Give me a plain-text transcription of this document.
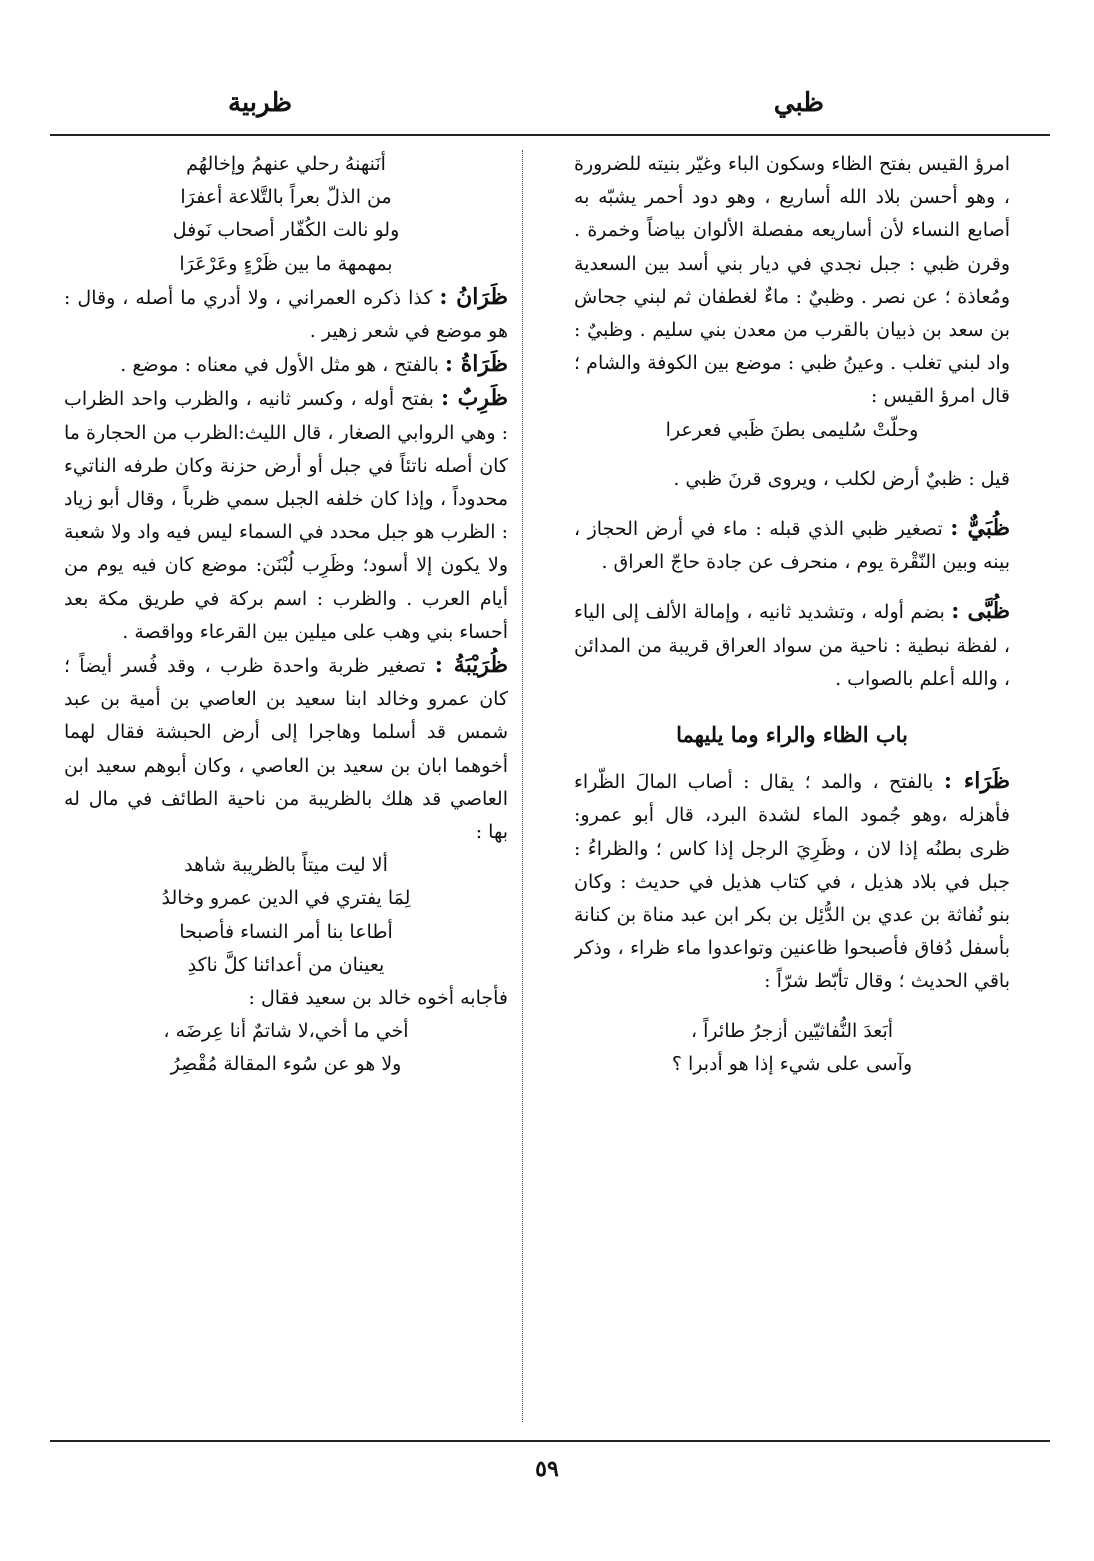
ظبي
ظربية

امرؤ القيس بفتح الظاء وسكون الباء وغيّر بنيته للضرورة ، وهو أحسن بلاد الله أساريع ، وهو دود أحمر يشبّه به أصابع النساء لأن أساريعه مفصلة الألوان بياضاً وخمرة . وقرن ظبي : جبل نجدي في ديار بني أسد بين السعدية ومُعاذة ؛ عن نصر . وظبيٌ : ماءٌ لغطفان ثم لبني جحاش بن سعد بن ذبيان بالقرب من معدن بني سليم . وظبيٌ : واد لبني تغلب . وعينُ ظبي : موضع بين الكوفة والشام ؛ قال امرؤ القيس :

وحلّتْ سُليمى بطنَ ظَبي فعرعرا

قيل : ظبيٌ أرض لكلب ، ويروى قرنَ ظبي .

ظُبَيٌّ : تصغير ظبي الذي قبله : ماء في أرض الحجاز ، بينه وبين النّقْرة يوم ، منحرف عن جادة حاجّ العراق .

ظُبَّى : بضم أوله ، وتشديد ثانيه ، وإمالة الألف إلى الياء ، لفظة نبطية : ناحية من سواد العراق قريبة من المدائن ، والله أعلم بالصواب .

باب الظاء والراء وما يليهما

ظَرَاء : بالفتح ، والمد ؛ يقال : أصاب المالَ الظّراء فأهزله ،وهو جُمود الماء لشدة البرد، قال أبو عمرو: ظرى بطنُه إذا لان ، وظَرِيَ الرجل إذا كاس ؛ والظراءُ : جبل في بلاد هذيل ، في كتاب هذيل في حديث : وكان بنو نُفاثة بن عدي بن الدُّئِل بن بكر ابن عبد مناة بن كنانة بأسفل دُفاق فأصبحوا ظاعنين وتواعدوا ماء ظراء ، وذكر باقي الحديث ؛ وقال تأبّط شرّاً :

أبَعدَ النُّفاثيّين أزجرُ طائراً ،

وآسى على شيء إذا هو أدبرا ؟

أنَنهنهُ رحلي عنهمُ وإخالهُم

من الذلّ بعراً بالتَّلاعة أعفرَا

ولو نالت الكُفّار أصحاب نَوفل

بمهمهة ما بين ظَرْءٍ وعَرْعَرَا

ظَرَانُ : كذا ذكره العمراني ، ولا أدري ما أصله ، وقال : هو موضع في شعر زهير .

ظَرَاةُ : بالفتح ، هو مثل الأول في معناه : موضع .

ظَرِبٌ : بفتح أوله ، وكسر ثانيه ، والظرب واحد الظراب : وهي الروابي الصغار ، قال الليث:الظرب من الحجارة ما كان أصله ناتئاً في جبل أو أرض حزنة وكان طرفه الناتيء محدوداً ، وإذا كان خلفه الجبل سمي ظرباً ، وقال أبو زياد : الظرب هو جبل محدد في السماء ليس فيه واد ولا شعبة ولا يكون إلا أسود؛ وظَرِب لُبْنَن: موضع كان فيه يوم من أيام العرب . والظرب : اسم بركة في طريق مكة بعد أحساء بني وهب على ميلين بين القرعاء وواقصة .

ظُرَيْبَةُ : تصغير ظربة واحدة ظرب ، وقد فُسر أيضاً ؛ كان عمرو وخالد ابنا سعيد بن العاصي بن أمية بن عبد شمس قد أسلما وهاجرا إلى أرض الحبشة فقال لهما أخوهما ابان بن سعيد بن العاصي ، وكان أبوهم سعيد ابن العاصي قد هلك بالظريبة من ناحية الطائف في مال له بها :

ألا ليت ميتاً بالظريبة شاهد

لِمَا يفتري في الدين عمرو وخالدُ

أطاعا بنا أمر النساء فأصبحا

يعينان من أعدائنا كلَّ ناكدِ

فأجابه أخوه خالد بن سعيد فقال :

أخي ما أخي،لا شاتمٌ أنا عِرضَه ،

ولا هو عن سُوء المقالة مُقْصِرُ

٥٩
